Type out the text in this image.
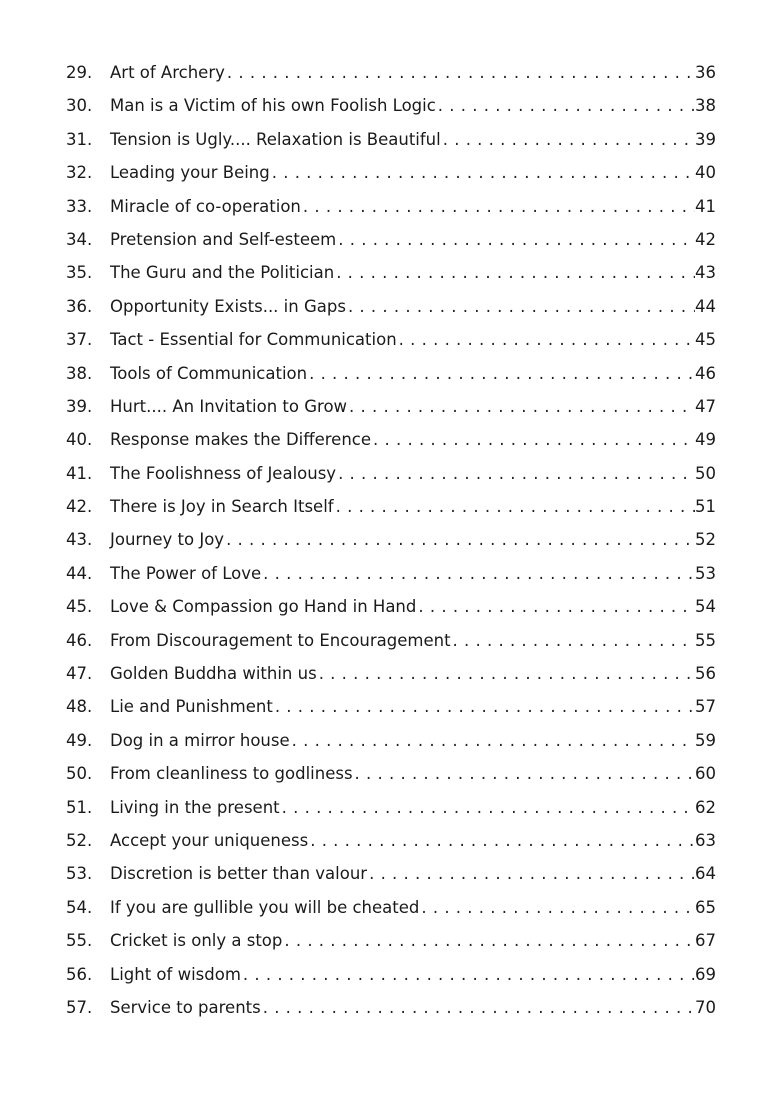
29.	Art of Archery . . .	36
30.	Man is a Victim of his own Foolish Logic . . .	38
31.	Tension is Ugly.... Relaxation is Beautiful . . .	39
32.	Leading your Being . . .	40
33.	Miracle of co-operation . . .	41
34.	Pretension and Self-esteem . . .	42
35.	The Guru and the Politician . . .	43
36.	Opportunity Exists... in Gaps . . .	44
37.	Tact - Essential for Communication . . .	45
38.	Tools of Communication . . .	46
39.	Hurt.... An Invitation to Grow . . .	47
40.	Response makes the Difference . . .	49
41.	The Foolishness of Jealousy . . .	50
42.	There is Joy in Search Itself . . .	51
43.	Journey to Joy . . .	52
44.	The Power of Love . . .	53
45.	Love & Compassion go Hand in Hand . . .	54
46.	From Discouragement to Encouragement . . .	55
47.	Golden Buddha within us . . .	56
48.	Lie and Punishment . . .	57
49.	Dog in a mirror house . . .	59
50.	From cleanliness to godliness . . .	60
51.	Living in the present . . .	62
52.	Accept your uniqueness . . .	63
53.	Discretion is better than valour . . .	64
54.	If you are gullible you will be cheated . . .	65
55.	Cricket is only a stop . . .	67
56.	Light of wisdom . . .	69
57.	Service to parents . . .	70
